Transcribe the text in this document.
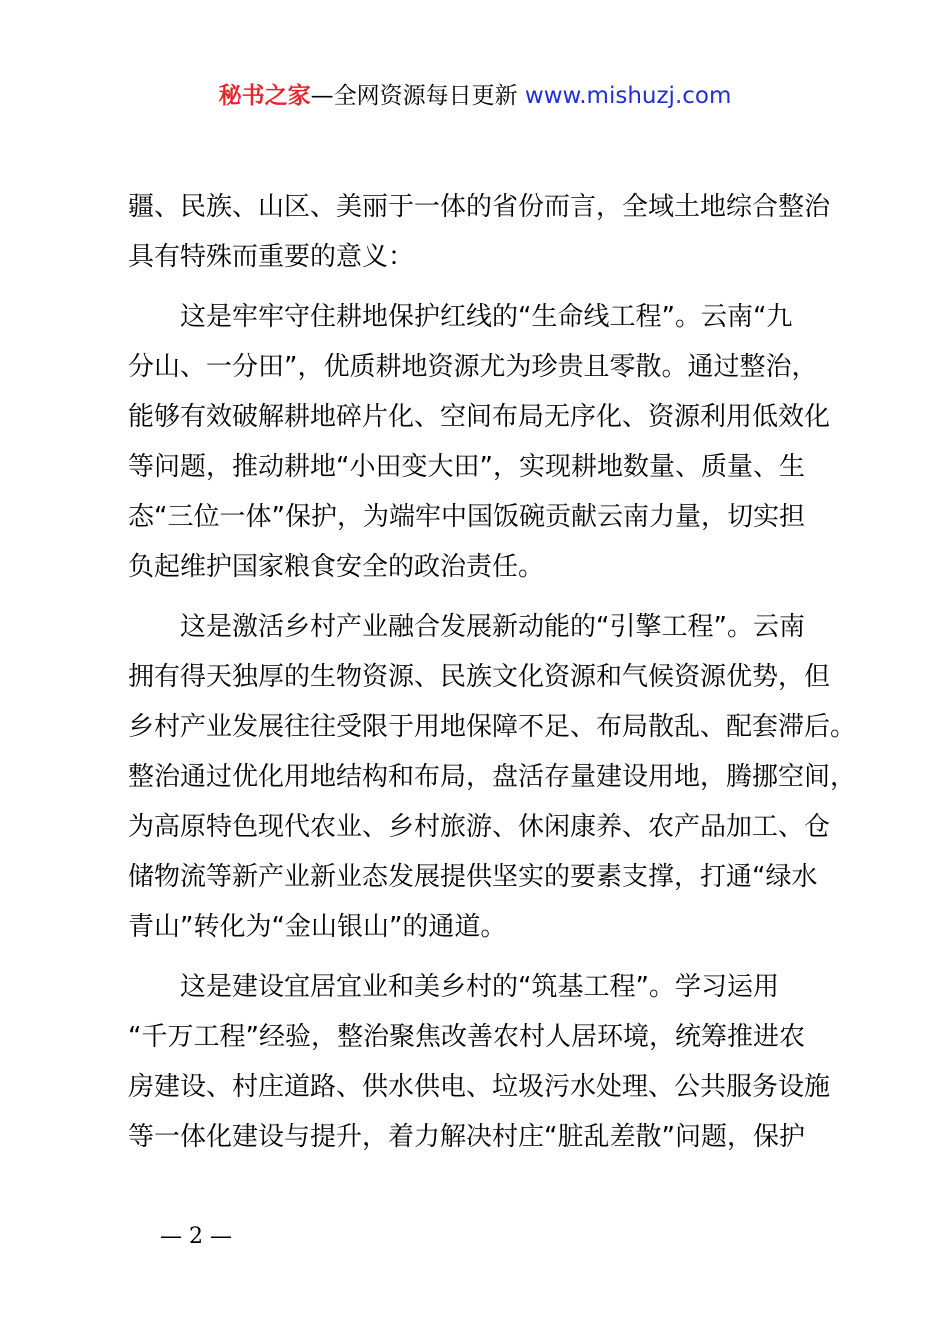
秘书之家—全网资源每日更新 www.mishuzj.com

疆、民族、山区、美丽于一体的省份而言，全域土地综合整治
具有特殊而重要的意义：

这是牢牢守住耕地保护红线的“生命线工程”。云南“九
分山、一分田”，优质耕地资源尤为珍贵且零散。通过整治，
能够有效破解耕地碎片化、空间布局无序化、资源利用低效化
等问题，推动耕地“小田变大田”，实现耕地数量、质量、生
态“三位一体”保护，为端牢中国饭碗贡献云南力量，切实担
负起维护国家粮食安全的政治责任。

这是激活乡村产业融合发展新动能的“引擎工程”。云南
拥有得天独厚的生物资源、民族文化资源和气候资源优势，但
乡村产业发展往往受限于用地保障不足、布局散乱、配套滞后。
整治通过优化用地结构和布局，盘活存量建设用地，腾挪空间，
为高原特色现代农业、乡村旅游、休闲康养、农产品加工、仓
储物流等新产业新业态发展提供坚实的要素支撑，打通“绿水
青山”转化为“金山银山”的通道。

这是建设宜居宜业和美乡村的“筑基工程”。学习运用
“千万工程”经验，整治聚焦改善农村人居环境，统筹推进农
房建设、村庄道路、供水供电、垃圾污水处理、公共服务设施
等一体化建设与提升，着力解决村庄“脏乱差散”问题，保护

— 2 —
